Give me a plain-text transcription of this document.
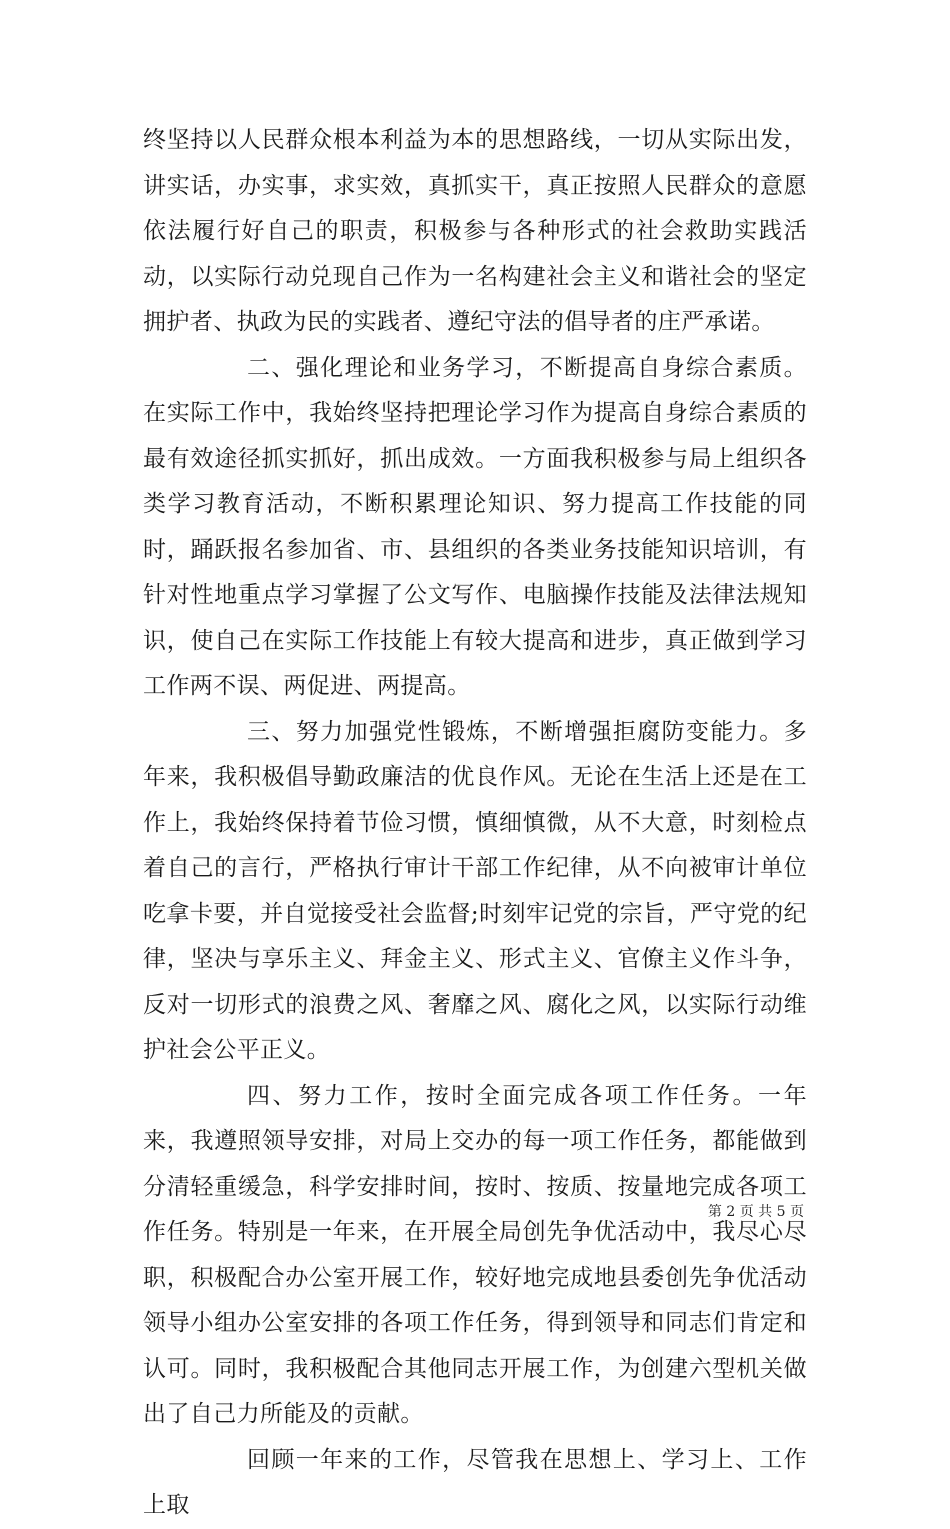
终坚持以人民群众根本利益为本的思想路线，一切从实际出发，讲实话，办实事，求实效，真抓实干，真正按照人民群众的意愿依法履行好自己的职责，积极参与各种形式的社会救助实践活动，以实际行动兑现自己作为一名构建社会主义和谐社会的坚定拥护者、执政为民的实践者、遵纪守法的倡导者的庄严承诺。

二、强化理论和业务学习，不断提高自身综合素质。在实际工作中，我始终坚持把理论学习作为提高自身综合素质的最有效途径抓实抓好，抓出成效。一方面我积极参与局上组织各类学习教育活动，不断积累理论知识、努力提高工作技能的同时，踊跃报名参加省、市、县组织的各类业务技能知识培训，有针对性地重点学习掌握了公文写作、电脑操作技能及法律法规知识，使自己在实际工作技能上有较大提高和进步，真正做到学习工作两不误、两促进、两提高。

三、努力加强党性锻炼，不断增强拒腐防变能力。多年来，我积极倡导勤政廉洁的优良作风。无论在生活上还是在工作上，我始终保持着节俭习惯，慎细慎微，从不大意，时刻检点着自己的言行，严格执行审计干部工作纪律，从不向被审计单位吃拿卡要，并自觉接受社会监督;时刻牢记党的宗旨，严守党的纪律，坚决与享乐主义、拜金主义、形式主义、官僚主义作斗争，反对一切形式的浪费之风、奢靡之风、腐化之风，以实际行动维护社会公平正义。

四、努力工作，按时全面完成各项工作任务。一年来，我遵照领导安排，对局上交办的每一项工作任务，都能做到分清轻重缓急，科学安排时间，按时、按质、按量地完成各项工作任务。特别是一年来，在开展全局创先争优活动中，我尽心尽职，积极配合办公室开展工作，较好地完成地县委创先争优活动领导小组办公室安排的各项工作任务，得到领导和同志们肯定和认可。同时，我积极配合其他同志开展工作，为创建六型机关做出了自己力所能及的贡献。

回顾一年来的工作，尽管我在思想上、学习上、工作上取

第 2 页 共 5 页
